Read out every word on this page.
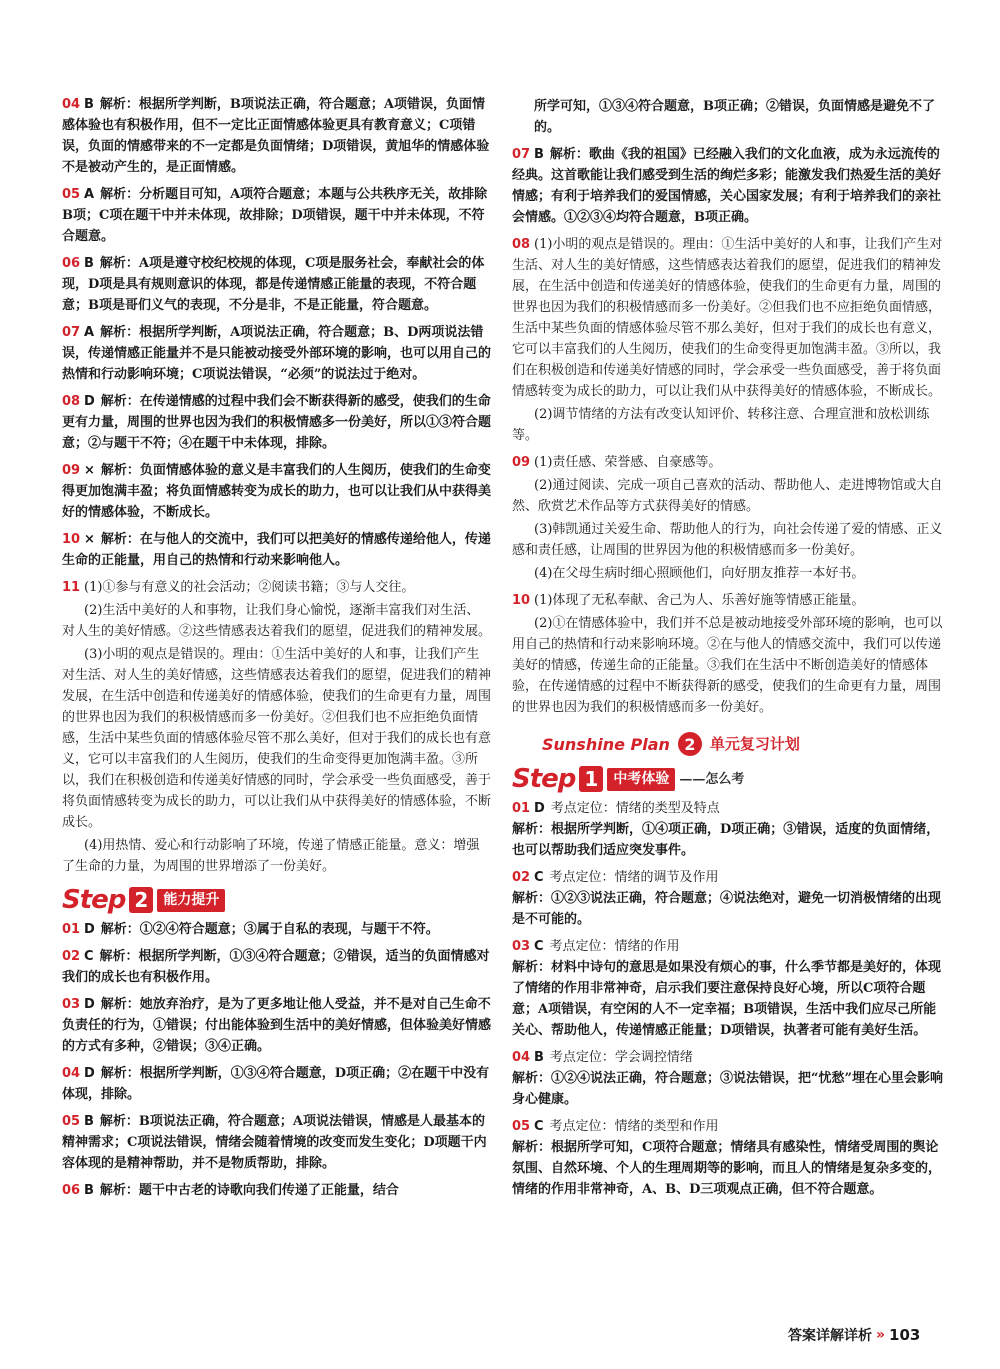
04 B 解析：根据所学判断，B项说法正确，符合题意；A项错误，负面情感体验也有积极作用，但不一定比正面情感体验更具有教育意义；C项错误，负面的情感带来的不一定都是负面情绪；D项错误，黄旭华的情感体验不是被动产生的，是正面情感。
05 A 解析：分析题目可知，A项符合题意；本题与公共秩序无关，故排除B项；C项在题干中并未体现，故排除；D项错误，题干中并未体现，不符合题意。
06 B 解析：A项是遵守校纪校规的体现，C项是服务社会，奉献社会的体现，D项是具有规则意识的体现，都是传递情感正能量的表现，不符合题意；B项是哥们义气的表现，不分是非，不是正能量，符合题意。
07 A 解析：根据所学判断，A项说法正确，符合题意；B、D两项说法错误，传递情感正能量并不是只能被动接受外部环境的影响，也可以用自己的热情和行动影响环境；C项说法错误，“必须”的说法过于绝对。
08 D 解析：在传递情感的过程中我们会不断获得新的感受，使我们的生命更有力量，周围的世界也因为我们的积极情感多一份美好，所以①③符合题意；②与题干不符；④在题干中未体现，排除。
09 × 解析：负面情感体验的意义是丰富我们的人生阅历，使我们的生命变得更加饱满丰盈；将负面情感转变为成长的助力，也可以让我们从中获得美好的情感体验，不断成长。
10 × 解析：在与他人的交流中，我们可以把美好的情感传递给他人，传递生命的正能量，用自己的热情和行动来影响他人。
11 (1)①参与有意义的社会活动；②阅读书籍；③与人交往。
(2)生活中美好的人和事物，让我们身心愉悦，逐渐丰富我们对生活、对人生的美好情感。②这些情感表达着我们的愿望，促进我们的精神发展。
(3)小明的观点是错误的。理由：①生活中美好的人和事，让我们产生对生活、对人生的美好情感，这些情感表达着我们的愿望，促进我们的精神发展，在生活中创造和传递美好的情感体验，使我们的生命更有力量，周围的世界也因为我们的积极情感而多一份美好。②但我们也不应拒绝负面情感，生活中某些负面的情感体验尽管不那么美好，但对于我们的成长也有意义，它可以丰富我们的人生阅历，使我们的生命变得更加饱满丰盈。③所以，我们在积极创造和传递美好情感的同时，学会承受一些负面感受，善于将负面情感转变为成长的助力，可以让我们从中获得美好的情感体验，不断成长。
(4)用热情、爱心和行动影响了环境，传递了情感正能量。意义：增强了生命的力量，为周围的世界增添了一份美好。
Step 2	能力提升
01 D 解析：①②④符合题意；③属于自私的表现，与题干不符。
02 C 解析：根据所学判断，①③④符合题意；②错误，适当的负面情感对我们的成长也有积极作用。
03 D 解析：她放弃治疗，是为了更多地让他人受益，并不是对自己生命不负责任的行为，①错误；付出能体验到生活中的美好情感，但体验美好情感的方式有多种，②错误；③④正确。
04 D 解析：根据所学判断，①③④符合题意，D项正确；②在题干中没有体现，排除。
05 B 解析：B项说法正确，符合题意；A项说法错误，情感是人最基本的精神需求；C项说法错误，情绪会随着情境的改变而发生变化；D项题干内容体现的是精神帮助，并不是物质帮助，排除。
06 B 解析：题干中古老的诗歌向我们传递了正能量，结合
所学可知，①③④符合题意，B项正确；②错误，负面情感是避免不了的。
07 B 解析：歌曲《我的祖国》已经融入我们的文化血液，成为永远流传的经典。这首歌能让我们感受到生活的绚烂多彩；能激发我们热爱生活的美好情感；有利于培养我们的爱国情感，关心国家发展；有利于培养我们的亲社会情感。①②③④均符合题意，B项正确。
08 (1)小明的观点是错误的。理由：①生活中美好的人和事，让我们产生对生活、对人生的美好情感，这些情感表达着我们的愿望，促进我们的精神发展，在生活中创造和传递美好的情感体验，使我们的生命更有力量，周围的世界也因为我们的积极情感而多一份美好。②但我们也不应拒绝负面情感，生活中某些负面的情感体验尽管不那么美好，但对于我们的成长也有意义，它可以丰富我们的人生阅历，使我们的生命变得更加饱满丰盈。③所以，我们在积极创造和传递美好情感的同时，学会承受一些负面感受，善于将负面情感转变为成长的助力，可以让我们从中获得美好的情感体验，不断成长。
(2)调节情绪的方法有改变认知评价、转移注意、合理宣泄和放松训练等。
09 (1)责任感、荣誉感、自豪感等。
(2)通过阅读、完成一项自己喜欢的活动、帮助他人、走进博物馆或大自然、欣赏艺术作品等方式获得美好的情感。
(3)韩凯通过关爱生命、帮助他人的行为，向社会传递了爱的情感、正义感和责任感，让周围的世界因为他的积极情感而多一份美好。
(4)在父母生病时细心照顾他们，向好朋友推荐一本好书。
10 (1)体现了无私奉献、舍己为人、乐善好施等情感正能量。
(2)①在情感体验中，我们并不总是被动地接受外部环境的影响，也可以用自己的热情和行动来影响环境。②在与他人的情感交流中，我们可以传递美好的情感，传递生命的正能量。③我们在生活中不断创造美好的情感体验，在传递情感的过程中不断获得新的感受，使我们的生命更有力量，周围的世界也因为我们的积极情感而多一份美好。
Sunshine Plan 2 单元复习计划
Step 1	中考体验 ——怎么考
01 D 考点定位：情绪的类型及特点
解析：根据所学判断，①④项正确，D项正确；③错误，适度的负面情绪，也可以帮助我们适应突发事件。
02 C 考点定位：情绪的调节及作用
解析：①②③说法正确，符合题意；④说法绝对，避免一切消极情绪的出现是不可能的。
03 C 考点定位：情绪的作用
解析：材料中诗句的意思是如果没有烦心的事，什么季节都是美好的，体现了情绪的作用非常神奇，启示我们要注意保持良好心境，所以C项符合题意；A项错误，有空闲的人不一定幸福；B项错误，生活中我们应尽己所能关心、帮助他人，传递情感正能量；D项错误，执著者可能有美好生活。
04 B 考点定位：学会调控情绪
解析：①②④说法正确，符合题意；③说法错误，把“忧愁”埋在心里会影响身心健康。
05 C 考点定位：情绪的类型和作用
解析：根据所学可知，C项符合题意；情绪具有感染性，情绪受周围的舆论氛围、自然环境、个人的生理周期等的影响，而且人的情绪是复杂多变的，情绪的作用非常神奇，A、B、D三项观点正确，但不符合题意。
答案详解详析 » 103
